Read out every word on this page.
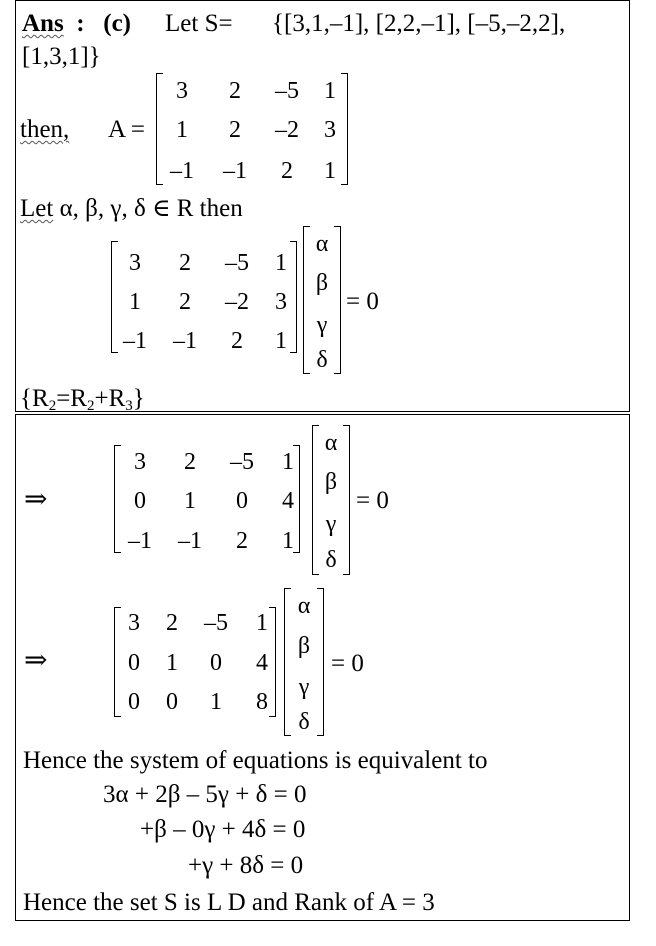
Ans : (c) Let S= {[3,1,–1], [2,2,–1], [–5,–2,2],
[1,3,1]}
then, A =
3 2 –5 1
1 2 –2 3
–1 –1 2 1
Let α, β, γ, δ ∈ R then
3 2 –5 1
1 2 –2 3
–1 –1 2 1
α
β
γ
δ
= 0
$\{R_2=R_2+R_3\}$
⇒
3 2 –5 1
0 1 0 4
–1 –1 2 1
α
β
γ
δ
= 0
⇒
3 2 –5 1
0 1 0 4
0 0 1 8
α
β
γ
δ
= 0
Hence the system of equations is equivalent to
3α + 2β – 5γ + δ = 0
+β – 0γ + 4δ = 0
+γ + 8δ = 0
Hence the set S is L D and Rank of A = 3
